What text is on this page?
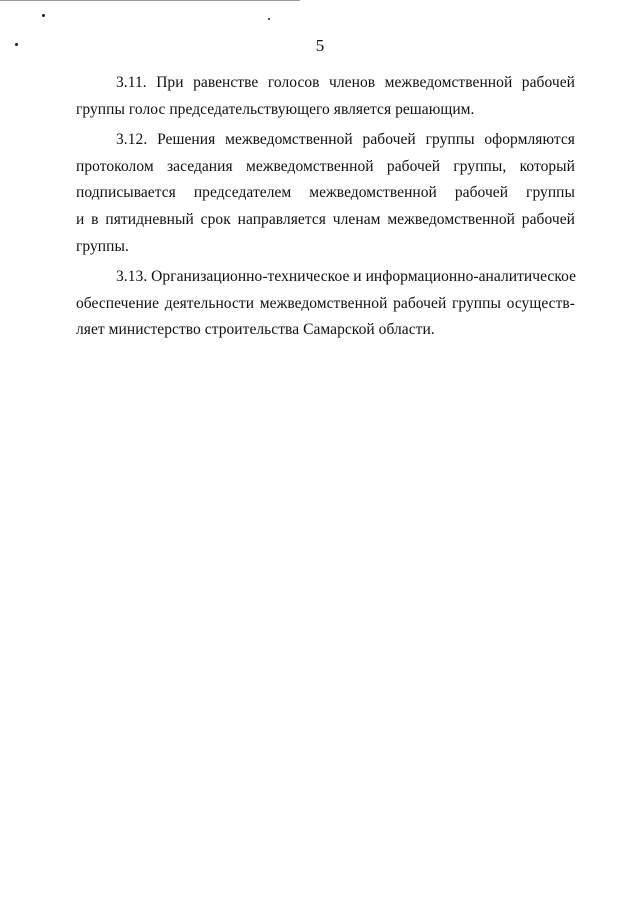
5

3.11. При равенстве голосов членов межведомственной рабочей
группы голос председательствующего является решающим.

3.12. Решения межведомственной рабочей группы оформляются
протоколом заседания межведомственной рабочей группы, который
подписывается председателем межведомственной рабочей группы
и в пятидневный срок направляется членам межведомственной рабочей
группы.

3.13. Организационно-техническое и информационно-аналитическое
обеспечение деятельности межведомственной рабочей группы осуществ-
ляет министерство строительства Самарской области.
